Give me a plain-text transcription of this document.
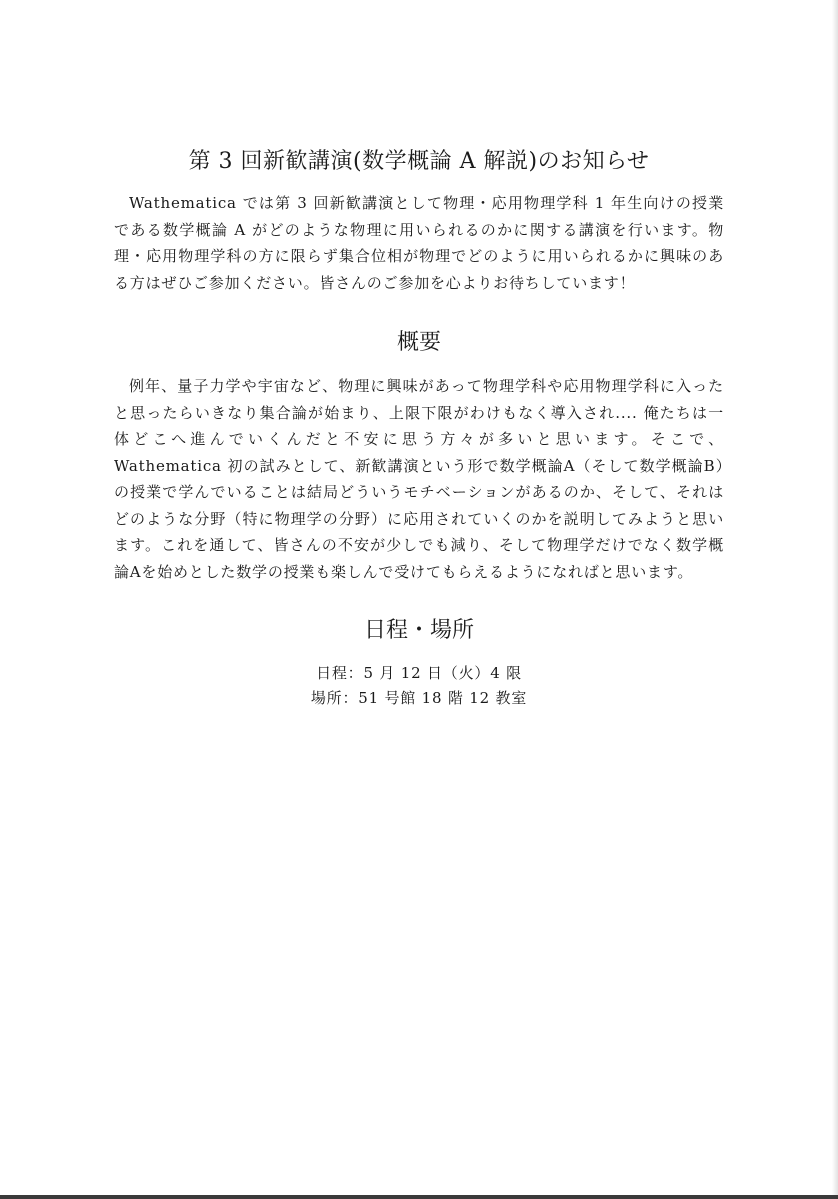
第 3 回新歓講演(数学概論 A 解説)のお知らせ

Wathematica では第 3 回新歓講演として物理・応用物理学科 1 年生向けの授業である数学概論 A がどのような物理に用いられるのかに関する講演を行います。物理・応用物理学科の方に限らず集合位相が物理でどのように用いられるかに興味のある方はぜひご参加ください。皆さんのご参加を心よりお待ちしています！

概要

例年、量子力学や宇宙など、物理に興味があって物理学科や応用物理学科に入ったと思ったらいきなり集合論が始まり、上限下限がわけもなく導入され.... 俺たちは一体どこへ進んでいくんだと不安に思う方々が多いと思います。そこで、Wathematica 初の試みとして、新歓講演という形で数学概論A（そして数学概論B）の授業で学んでいることは結局どういうモチベーションがあるのか、そして、それはどのような分野（特に物理学の分野）に応用されていくのかを説明してみようと思います。これを通して、皆さんの不安が少しでも減り、そして物理学だけでなく数学概論Aを始めとした数学の授業も楽しんで受けてもらえるようになればと思います。

日程・場所
日程：5 月 12 日（火）4 限
場所：51 号館 18 階 12 教室
